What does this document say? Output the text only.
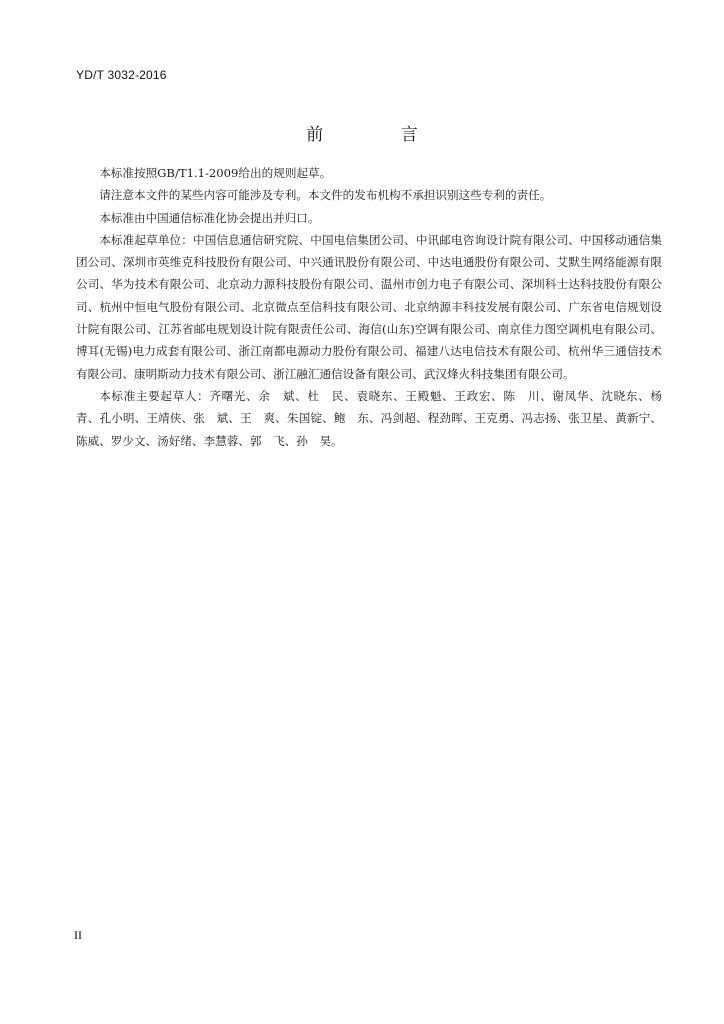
YD/T 3032-2016
前 言

本标准按照GB/T1.1-2009给出的规则起草。

请注意本文件的某些内容可能涉及专利。本文件的发布机构不承担识别这些专利的责任。

本标准由中国通信标准化协会提出并归口。

本标准起草单位：中国信息通信研究院、中国电信集团公司、中讯邮电咨询设计院有限公司、中国移动通信集团公司、深圳市英维克科技股份有限公司、中兴通讯股份有限公司、中达电通股份有限公司、艾默生网络能源有限公司、华为技术有限公司、北京动力源科技股份有限公司、温州市创力电子有限公司、深圳科士达科技股份有限公司、杭州中恒电气股份有限公司、北京微点至信科技有限公司、北京纳源丰科技发展有限公司、广东省电信规划设计院有限公司、江苏省邮电规划设计院有限责任公司、海信(山东)空调有限公司、南京佳力图空调机电有限公司、博耳(无锡)电力成套有限公司、浙江南都电源动力股份有限公司、福建八达电信技术有限公司、杭州华三通信技术有限公司、康明斯动力技术有限公司、浙江融汇通信设备有限公司、武汉烽火科技集团有限公司。

本标准主要起草人：齐曙光、余　斌、杜　民、袁晓东、王殿魁、王政宏、陈　川、谢凤华、沈晓东、杨　青、孔小明、王靖侠、张　斌、王　爽、朱国锭、鲍　东、冯剑超、程劲晖、王克勇、冯志扬、张卫星、黄新宁、陈威、罗少文、汤好绪、李慧蓉、郭　飞、孙　昊。

II
